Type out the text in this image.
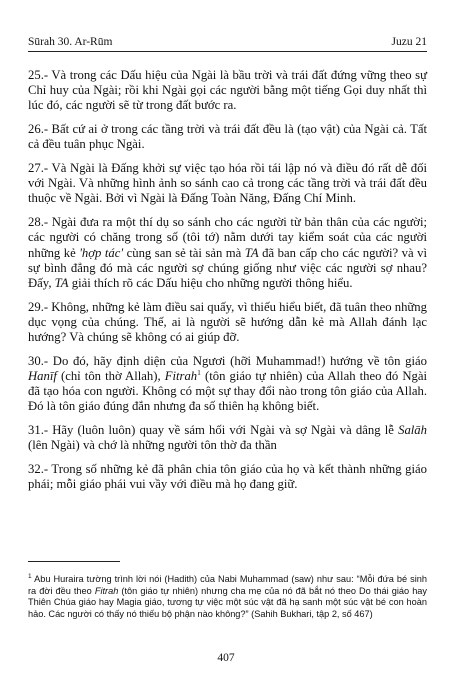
Sūrah 30. Ar-Rūm	Juzu 21

25.- Và trong các Dấu hiệu của Ngài là bầu trời và trái đất đứng vững theo sự Chỉ huy của Ngài; rồi khi Ngài gọi các người bằng một tiếng Gọi duy nhất thì lúc đó, các người sẽ từ trong đất bước ra.

26.- Bất cứ ai ở trong các tầng trời và trái đất đều là (tạo vật) của Ngài cả. Tất cả đều tuân phục Ngài.

27.- Và Ngài là Đấng khởi sự việc tạo hóa rồi tái lập nó và điều đó rất dễ đối với Ngài. Và những hình ảnh so sánh cao cả trong các tầng trời và trái đất đều thuộc về Ngài. Bởi vì Ngài là Đấng Toàn Năng, Đấng Chí Minh.

28.- Ngài đưa ra một thí dụ so sánh cho các người từ bản thân của các người; các người có chăng trong số (tôi tớ) nằm dưới tay kiểm soát của các người những kẻ 'hợp tác' cùng san sẻ tài sản mà TA đã ban cấp cho các người? và vì sự bình đẳng đó mà các người sợ chúng giống như việc các người sợ nhau? Đấy, TA giải thích rõ các Dấu hiệu cho những người thông hiểu.

29.- Không, những kẻ làm điều sai quấy, vì thiếu hiểu biết, đã tuân theo những dục vọng của chúng. Thế, ai là người sẽ hướng dẫn kẻ mà Allah đánh lạc hướng? Và chúng sẽ không có ai giúp đỡ.

30.- Do đó, hãy định diện của Ngươi (hỡi Muhammad!) hướng về tôn giáo Hanīf (chỉ tôn thờ Allah), Fitrah$^1$ (tôn giáo tự nhiên) của Allah theo đó Ngài đã tạo hóa con người. Không có một sự thay đổi nào trong tôn giáo của Allah. Đó là tôn giáo đúng đắn nhưng đa số thiên hạ không biết.

31.- Hãy (luôn luôn) quay về sám hối với Ngài và sợ Ngài và dâng lễ Salāh (lên Ngài) và chớ là những người tôn thờ đa thần

32.- Trong số những kẻ đã phân chia tôn giáo của họ và kết thành những giáo phái; mỗi giáo phái vui vầy với điều mà họ đang giữ.

$^1$ Abu Huraira tường trình lời nói (Hadith) của Nabi Muhammad (saw) như sau: “Mỗi đứa bé sinh ra đời đều theo Fitrah (tôn giáo tự nhiên) nhưng cha mẹ của nó đã bắt nó theo Do thái giáo hay Thiên Chúa giáo hay Magia giáo, tương tự việc một súc vật đã hạ sanh một súc vật bé con hoàn hảo. Các người có thấy nó thiếu bộ phận nào không?” (Sahih Bukhari, tập 2, số 467)
407
